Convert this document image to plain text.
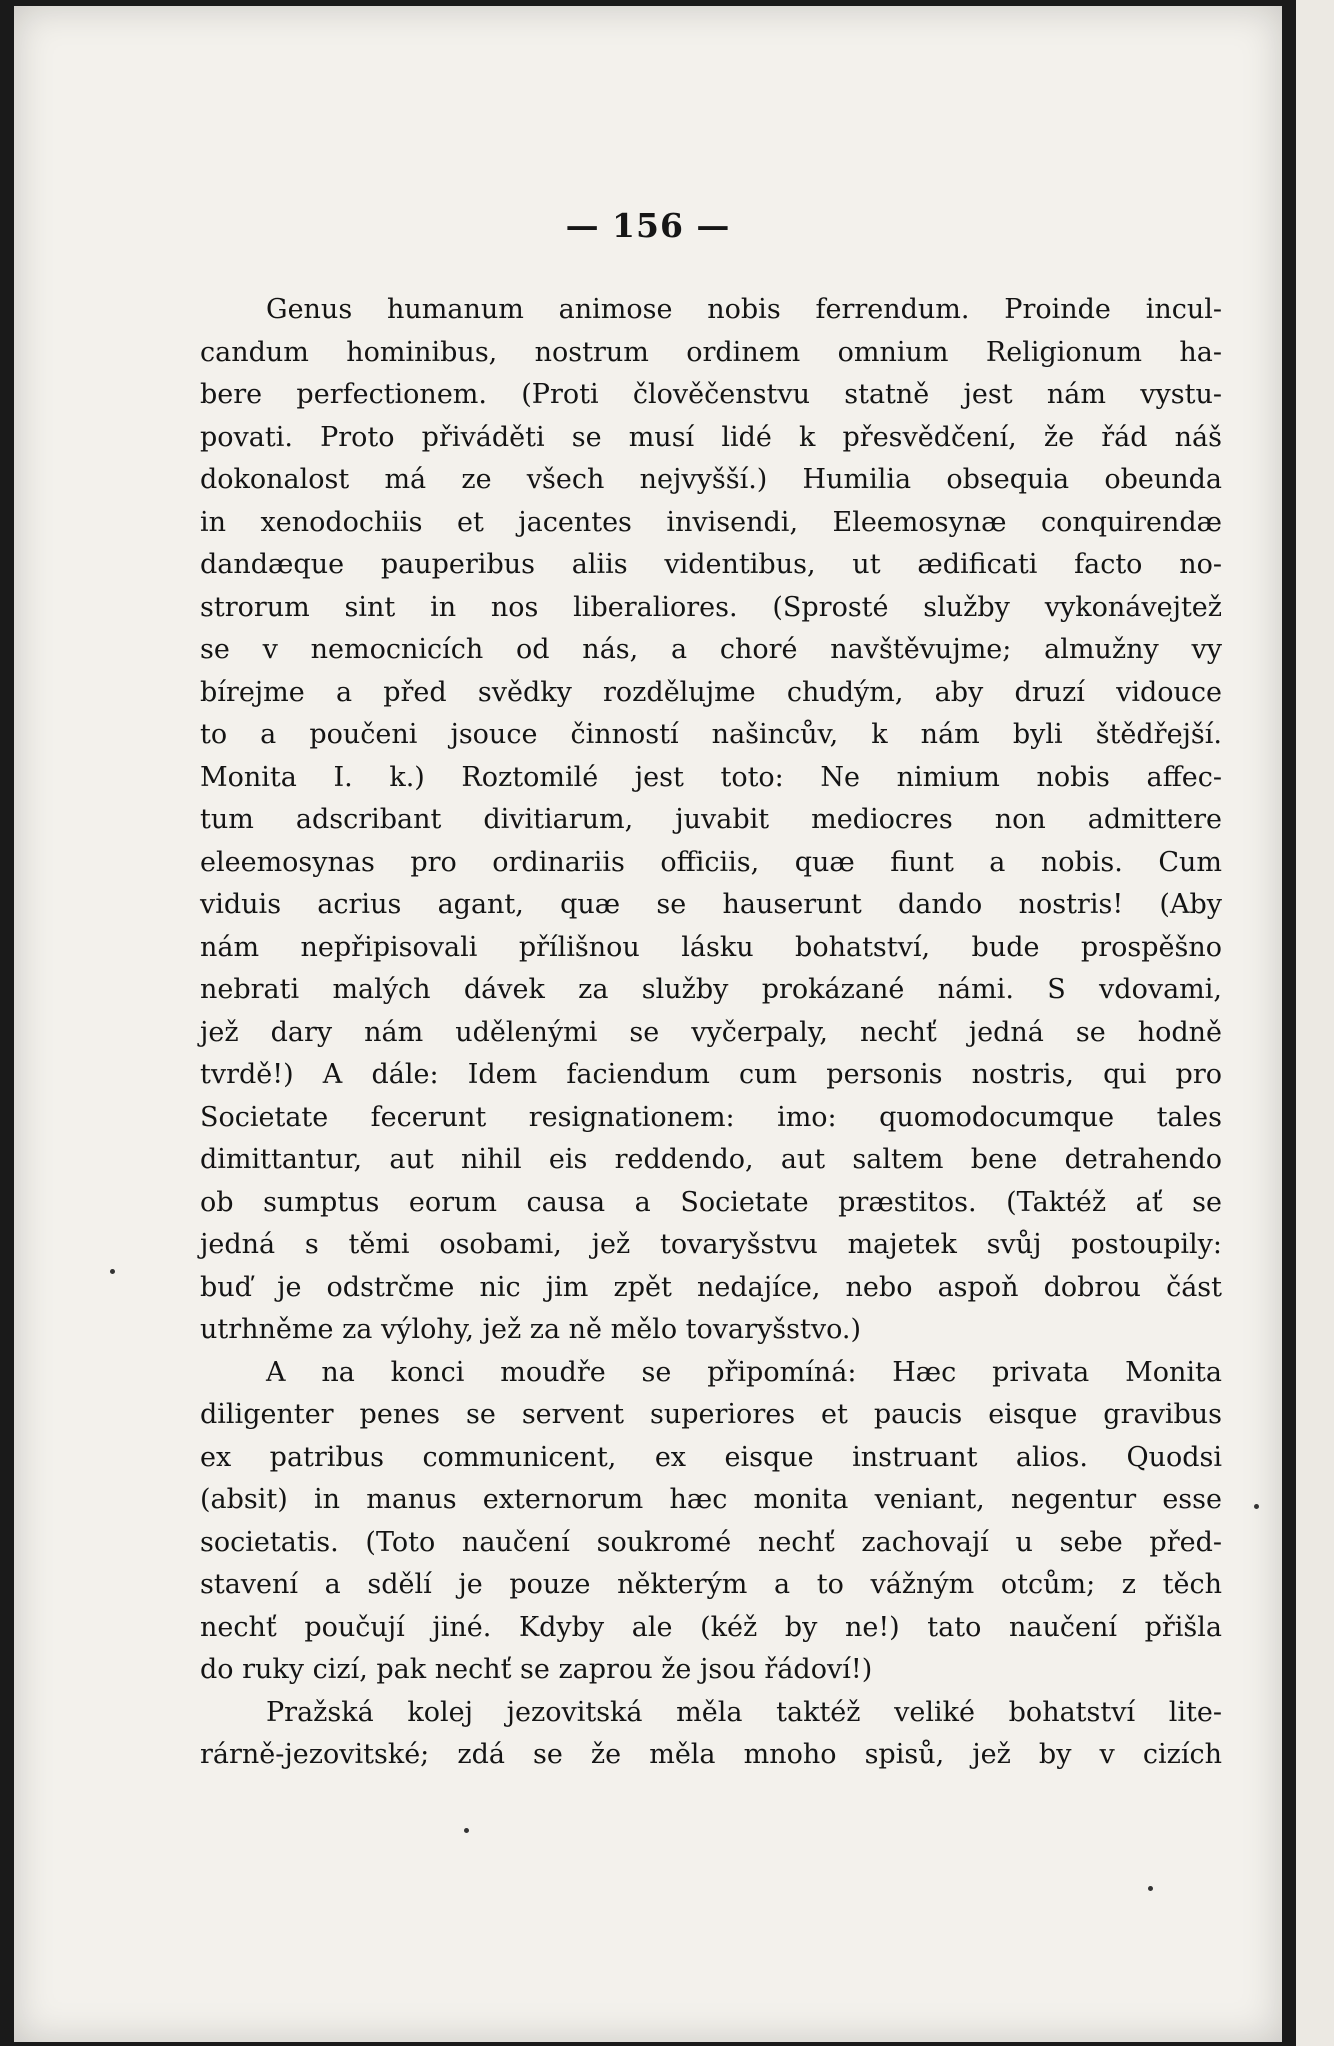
— 156 —
Genus humanum animose nobis ferrendum. Proinde incul-
candum hominibus, nostrum ordinem omnium Religionum ha-
bere perfectionem. (Proti člověčenstvu statně jest nám vystu-
povati. Proto přiváděti se musí lidé k přesvědčení, že řád náš
dokonalost má ze všech nejvyšší.) Humilia obsequia obeunda
in xenodochiis et jacentes invisendi, Eleemosynæ conquirendæ
dandæque pauperibus aliis videntibus, ut ædificati facto no-
strorum sint in nos liberaliores. (Sprosté služby vykonávejtež
se v nemocnicích od nás, a choré navštěvujme; almužny vy
bírejme a před svědky rozdělujme chudým, aby druzí vidouce
to a poučeni jsouce činností našincův, k nám byli štědřejší.
Monita I. k.) Roztomilé jest toto: Ne nimium nobis affec-
tum adscribant divitiarum, juvabit mediocres non admittere
eleemosynas pro ordinariis officiis, quæ fiunt a nobis. Cum
viduis acrius agant, quæ se hauserunt dando nostris! (Aby
nám nepřipisovali přílišnou lásku bohatství, bude prospěšno
nebrati malých dávek za služby prokázané námi. S vdovami,
jež dary nám udělenými se vyčerpaly, nechť jedná se hodně
tvrdě!) A dále: Idem faciendum cum personis nostris, qui pro
Societate fecerunt resignationem: imo: quomodocumque tales
dimittantur, aut nihil eis reddendo, aut saltem bene detrahendo
ob sumptus eorum causa a Societate præstitos. (Taktéž ať se
jedná s těmi osobami, jež tovaryšstvu majetek svůj postoupily:
buď je odstrčme nic jim zpět nedajíce, nebo aspoň dobrou část
utrhněme za výlohy, jež za ně mělo tovaryšstvo.)
A na konci moudře se připomíná: Hæc privata Monita
diligenter penes se servent superiores et paucis eisque gravibus
ex patribus communicent, ex eisque instruant alios. Quodsi
(absit) in manus externorum hæc monita veniant, negentur esse
societatis. (Toto naučení soukromé nechť zachovají u sebe před-
stavení a sdělí je pouze některým a to vážným otcům; z těch
nechť poučují jiné. Kdyby ale (kéž by ne!) tato naučení přišla
do ruky cizí, pak nechť se zaprou že jsou řádoví!)
Pražská kolej jezovitská měla taktéž veliké bohatství lite-
rárně-jezovitské; zdá se že měla mnoho spisů, jež by v cizích
